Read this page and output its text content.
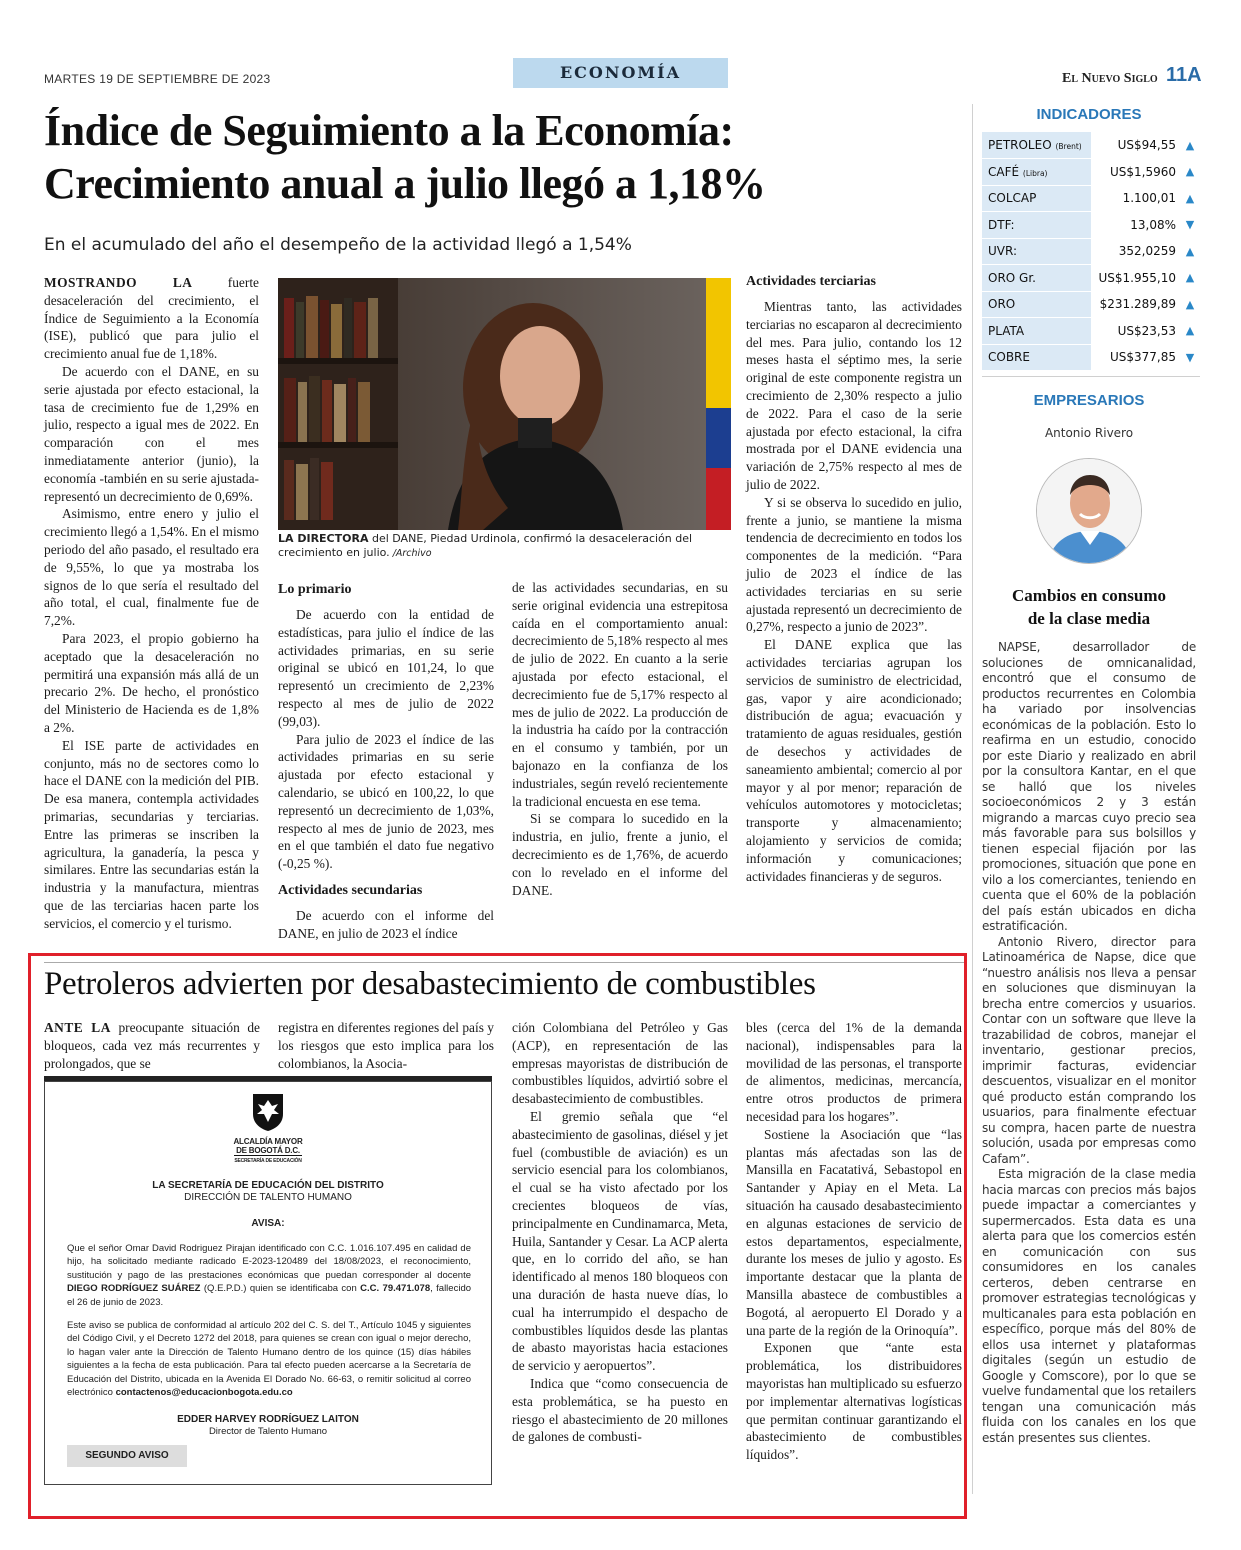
MARTES 19 DE SEPTIEMBRE DE 2023	ECONOMÍA	El Nuevo Siglo 11A
Índice de Seguimiento a la Economía:
Crecimiento anual a julio llegó a 1,18%
En el acumulado del año el desempeño de la actividad llegó a 1,54%

MOSTRANDO LA fuerte desaceleración del crecimiento, el Índice de Seguimiento a la Economía (ISE), publicó que para julio el crecimiento anual fue de 1,18%.

De acuerdo con el DANE, en su serie ajustada por efecto estacional, la tasa de crecimiento fue de 1,29% en julio, respecto a igual mes de 2022. En comparación con el mes inmediatamente anterior (junio), la economía -también en su serie ajustada- representó un decrecimiento de 0,69%.

Asimismo, entre enero y julio el crecimiento llegó a 1,54%. En el mismo periodo del año pasado, el resultado era de 9,55%, lo que ya mostraba los signos de lo que sería el resultado del año total, el cual, finalmente fue de 7,2%.

Para 2023, el propio gobierno ha aceptado que la desaceleración no permitirá una expansión más allá de un precario 2%. De hecho, el pronóstico del Ministerio de Hacienda es de 1,8% a 2%.

El ISE parte de actividades en conjunto, más no de sectores como lo hace el DANE con la medición del PIB. De esa manera, contempla actividades primarias, secundarias y terciarias. Entre las primeras se inscriben la agricultura, la ganadería, la pesca y similares. Entre las secundarias están la industria y la manufactura, mientras que de las terciarias hacen parte los servicios, el comercio y el turismo.

LA DIRECTORA del DANE, Piedad Urdinola, confirmó la desaceleración del crecimiento en julio. /Archivo
Lo primario

De acuerdo con la entidad de estadísticas, para julio el índice de las actividades primarias, en su serie original se ubicó en 101,24, lo que representó un crecimiento de 2,23% respecto al mes de julio de 2022 (99,03).

Para julio de 2023 el índice de las actividades primarias en su serie ajustada por efecto estacional y calendario, se ubicó en 100,22, lo que representó un decrecimiento de 1,03%, respecto al mes de junio de 2023, mes en el que también el dato fue negativo (-0,25 %).

Actividades secundarias

De acuerdo con el informe del DANE, en julio de 2023 el índice

de las actividades secundarias, en su serie original evidencia una estrepitosa caída en el comportamiento anual: decrecimiento de 5,18% respecto al mes de julio de 2022. En cuanto a la serie ajustada por efecto estacional, el decrecimiento fue de 5,17% respecto al mes de julio de 2022. La producción de la industria ha caído por la contracción en el consumo y también, por un bajonazo en la confianza de los industriales, según reveló recientemente la tradicional encuesta en ese tema.

Si se compara lo sucedido en la industria, en julio, frente a junio, el decrecimiento es de 1,76%, de acuerdo con lo revelado en el informe del DANE.

Actividades terciarias

Mientras tanto, las actividades terciarias no escaparon al decrecimiento del mes. Para julio, contando los 12 meses hasta el séptimo mes, la serie original de este componente registra un crecimiento de 2,30% respecto a julio de 2022. Para el caso de la serie ajustada por efecto estacional, la cifra mostrada por el DANE evidencia una variación de 2,75% respecto al mes de julio de 2022.

Y si se observa lo sucedido en julio, frente a junio, se mantiene la misma tendencia de decrecimiento en todos los componentes de la medición. “Para julio de 2023 el índice de las actividades terciarias en su serie ajustada representó un decrecimiento de 0,27%, respecto a junio de 2023”.

El DANE explica que las actividades terciarias agrupan los servicios de suministro de electricidad, gas, vapor y aire acondicionado; distribución de agua; evacuación y tratamiento de aguas residuales, gestión de desechos y actividades de saneamiento ambiental; comercio al por mayor y al por menor; reparación de vehículos automotores y motocicletas; transporte y almacenamiento; alojamiento y servicios de comida; información y comunicaciones; actividades financieras y de seguros.

INDICADORES
PETROLEO (Brent)	US$94,55	▲
CAFÉ (Libra)	US$1,5960	▲
COLCAP	1.100,01	▲
DTF:	13,08%	▼
UVR:	352,0259	▲
ORO Gr.	US$1.955,10	▲
ORO	$231.289,89	▲
PLATA	US$23,53	▲
COBRE	US$377,85	▼
EMPRESARIOS
Antonio Rivero
Cambios en consumo
de la clase media

NAPSE, desarrollador de soluciones de omnicanalidad, encontró que el consumo de productos recurrentes en Colombia ha variado por insolvencias económicas de la población. Esto lo reafirma en un estudio, conocido por este Diario y realizado en abril por la consultora Kantar, en el que se halló que los niveles socioeconómicos 2 y 3 están migrando a marcas cuyo precio sea más favorable para sus bolsillos y tienen especial fijación por las promociones, situación que pone en vilo a los comerciantes, teniendo en cuenta que el 60% de la población del país están ubicados en dicha estratificación.

Antonio Rivero, director para Latinoamérica de Napse, dice que “nuestro análisis nos lleva a pensar en soluciones que disminuyan la brecha entre comercios y usuarios. Contar con un software que lleve la trazabilidad de cobros, manejar el inventario, gestionar precios, imprimir facturas, evidenciar descuentos, visualizar en el monitor qué producto están comprando los usuarios, para finalmente efectuar su compra, hacen parte de nuestra solución, usada por empresas como Cafam”.

Esta migración de la clase media hacia marcas con precios más bajos puede impactar a comerciantes y supermercados. Esta data es una alerta para que los comercios estén en comunicación con sus consumidores en los canales certeros, deben centrarse en promover estrategias tecnológicas y multicanales para esta población en específico, porque más del 80% de ellos usa internet y plataformas digitales (según un estudio de Google y Comscore), por lo que se vuelve fundamental que los retailers tengan una comunicación más fluida con los canales en los que están presentes sus clientes.

Petroleros advierten por desabastecimiento de combustibles

ANTE LA preocupante situación de bloqueos, cada vez más recurrentes y prolongados, que se

registra en diferentes regiones del país y los riesgos que esto implica para los colombianos, la Asocia-

ción Colombiana del Petróleo y Gas (ACP), en representación de las empresas mayoristas de distribución de combustibles líquidos, advirtió sobre el desabastecimiento de combustibles.

El gremio señala que “el abastecimiento de gasolinas, diésel y jet fuel (combustible de aviación) es un servicio esencial para los colombianos, el cual se ha visto afectado por los crecientes bloqueos de vías, principalmente en Cundinamarca, Meta, Huila, Santander y Cesar. La ACP alerta que, en lo corrido del año, se han identificado al menos 180 bloqueos con una duración de hasta nueve días, lo cual ha interrumpido el despacho de combustibles líquidos desde las plantas de abasto mayoristas hacia estaciones de servicio y aeropuertos”.

Indica que “como consecuencia de esta problemática, se ha puesto en riesgo el abastecimiento de 20 millones de galones de combusti-

bles (cerca del 1% de la demanda nacional), indispensables para la movilidad de las personas, el transporte de alimentos, medicinas, mercancía, entre otros productos de primera necesidad para los hogares”.

Sostiene la Asociación que “las plantas más afectadas son las de Mansilla en Facatativá, Sebastopol en Santander y Apiay en el Meta. La situación ha causado desabastecimiento en algunas estaciones de servicio de estos departamentos, especialmente, durante los meses de julio y agosto. Es importante destacar que la planta de Mansilla abastece de combustibles a Bogotá, al aeropuerto El Dorado y a una parte de la región de la Orinoquía”.

Exponen que “ante esta problemática, los distribuidores mayoristas han multiplicado su esfuerzo por implementar alternativas logísticas que permitan continuar garantizando el abastecimiento de combustibles líquidos”.

ALCALDÍA MAYOR
DE BOGOTÁ D.C.
SECRETARÍA DE EDUCACIÓN
LA SECRETARÍA DE EDUCACIÓN DEL DISTRITO
DIRECCIÓN DE TALENTO HUMANO
AVISA:
Que el señor Omar David Rodriguez Pirajan identificado con C.C. 1.016.107.495 en calidad de hijo, ha solicitado mediante radicado E-2023-120489 del 18/08/2023, el reconocimiento, sustitución y pago de las prestaciones económicas que puedan corresponder al docente DIEGO RODRÍGUEZ SUÁREZ (Q.E.P.D.) quien se identificaba con C.C. 79.471.078, fallecido el 26 de junio de 2023.
Este aviso se publica de conformidad al artículo 202 del C. S. del T., Artículo 1045 y siguientes del Código Civil, y el Decreto 1272 del 2018, para quienes se crean con igual o mejor derecho, lo hagan valer ante la Dirección de Talento Humano dentro de los quince (15) días hábiles siguientes a la fecha de esta publicación. Para tal efecto pueden acercarse a la Secretaría de Educación del Distrito, ubicada en la Avenida El Dorado No. 66-63, o remitir solicitud al correo electrónico contactenos@educacionbogota.edu.co
EDDER HARVEY RODRÍGUEZ LAITON
Director de Talento Humano
SEGUNDO AVISO
